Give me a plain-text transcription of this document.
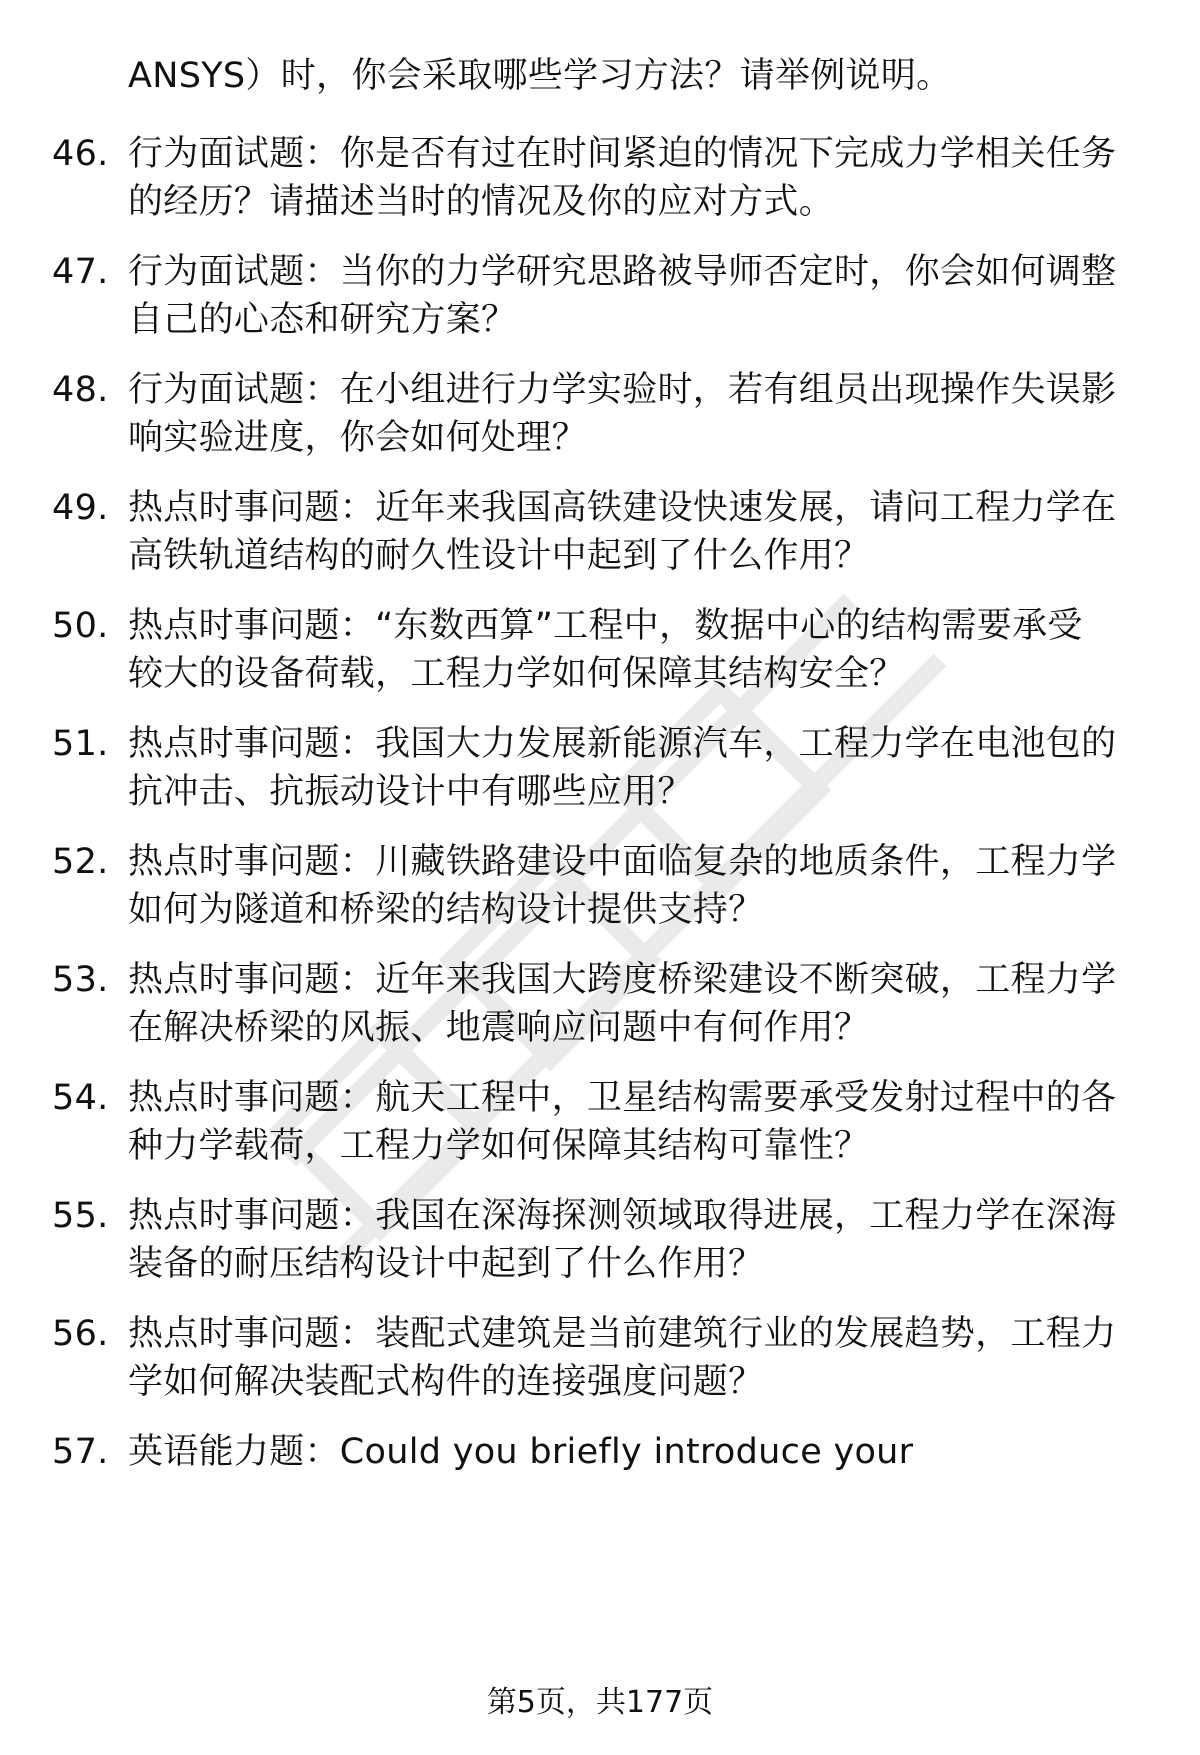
ANSYS）时，你会采取哪些学习方法？请举例说明。
46. 行为面试题：你是否有过在时间紧迫的情况下完成力学相关任务
的经历？请描述当时的情况及你的应对方式。
47. 行为面试题：当你的力学研究思路被导师否定时，你会如何调整
自己的心态和研究方案？
48. 行为面试题：在小组进行力学实验时，若有组员出现操作失误影
响实验进度，你会如何处理？
49. 热点时事问题：近年来我国高铁建设快速发展，请问工程力学在
高铁轨道结构的耐久性设计中起到了什么作用？
50. 热点时事问题：“东数西算”工程中，数据中心的结构需要承受
较大的设备荷载，工程力学如何保障其结构安全？
51. 热点时事问题：我国大力发展新能源汽车，工程力学在电池包的
抗冲击、抗振动设计中有哪些应用？
52. 热点时事问题：川藏铁路建设中面临复杂的地质条件，工程力学
如何为隧道和桥梁的结构设计提供支持？
53. 热点时事问题：近年来我国大跨度桥梁建设不断突破，工程力学
在解决桥梁的风振、地震响应问题中有何作用？
54. 热点时事问题：航天工程中，卫星结构需要承受发射过程中的各
种力学载荷，工程力学如何保障其结构可靠性？
55. 热点时事问题：我国在深海探测领域取得进展，工程力学在深海
装备的耐压结构设计中起到了什么作用？
56. 热点时事问题：装配式建筑是当前建筑行业的发展趋势，工程力
学如何解决装配式构件的连接强度问题？
57. 英语能力题：Could you briefly introduce your
第5页，共177页
